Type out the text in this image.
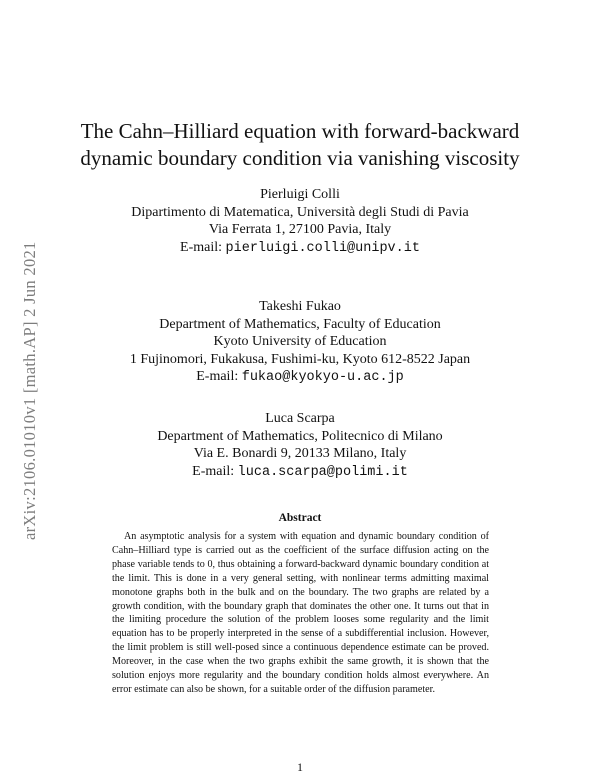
arXiv:2106.01010v1 [math.AP] 2 Jun 2021
The Cahn–Hilliard equation with forward-backward
dynamic boundary condition via vanishing viscosity
Pierluigi Colli
Dipartimento di Matematica, Università degli Studi di Pavia
Via Ferrata 1, 27100 Pavia, Italy
E-mail: pierluigi.colli@unipv.it
Takeshi Fukao
Department of Mathematics, Faculty of Education
Kyoto University of Education
1 Fujinomori, Fukakusa, Fushimi-ku, Kyoto 612-8522 Japan
E-mail: fukao@kyokyo-u.ac.jp
Luca Scarpa
Department of Mathematics, Politecnico di Milano
Via E. Bonardi 9, 20133 Milano, Italy
E-mail: luca.scarpa@polimi.it
Abstract
An asymptotic analysis for a system with equation and dynamic boundary condition of Cahn–Hilliard type is carried out as the coefficient of the surface diffusion acting on the phase variable tends to 0, thus obtaining a forward-backward dynamic boundary condition at the limit. This is done in a very general setting, with nonlinear terms admitting maximal monotone graphs both in the bulk and on the boundary. The two graphs are related by a growth condition, with the boundary graph that dominates the other one. It turns out that in the limiting procedure the solution of the problem looses some regularity and the limit equation has to be properly interpreted in the sense of a subdifferential inclusion. However, the limit problem is still well-posed since a continuous dependence estimate can be proved. Moreover, in the case when the two graphs exhibit the same growth, it is shown that the solution enjoys more regularity and the boundary condition holds almost everywhere. An error estimate can also be shown, for a suitable order of the diffusion parameter.
1
